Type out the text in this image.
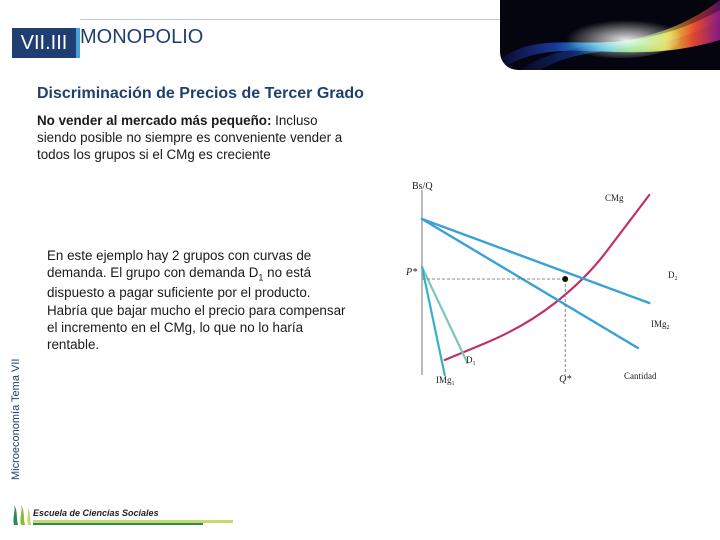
VII.III MONOPOLIO
Discriminación de Precios de Tercer Grado
No vender al mercado más pequeño: Incluso siendo posible no siempre es conveniente vender a todos los grupos si el CMg es creciente
En este ejemplo hay 2 grupos con curvas de demanda. El grupo con demanda $D_1$ no está dispuesto a pagar suficiente por el producto. Habría que bajar mucho el precio para compensar el incremento en el CMg, lo que no lo haría rentable.
Microeconomía Tema VII
Escuela de Ciencias Sociales
Bs/Q
Cantidad
P*
Q*
CMg
$D_2$
IMg$_2$
$D_1$
IMg$_1$
